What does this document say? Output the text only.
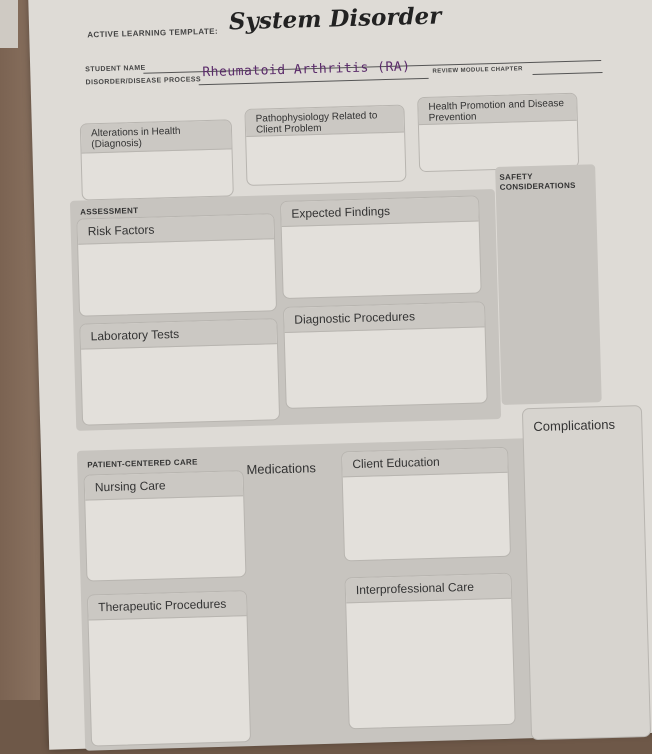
ACTIVE LEARNING TEMPLATE: System Disorder
STUDENT NAME
DISORDER/DISEASE PROCESS
Rheumatoid Arthritis (RA)	REVIEW MODULE CHAPTER
Alterations in Health (Diagnosis)
Pathophysiology Related to Client Problem
Health Promotion and Disease Prevention
ASSESSMENT
Risk Factors
Expected Findings
Laboratory Tests
Diagnostic Procedures
SAFETY CONSIDERATIONS
PATIENT-CENTERED CARE
Nursing Care
Medications	Client Education
Therapeutic Procedures
Interprofessional Care
Complications
